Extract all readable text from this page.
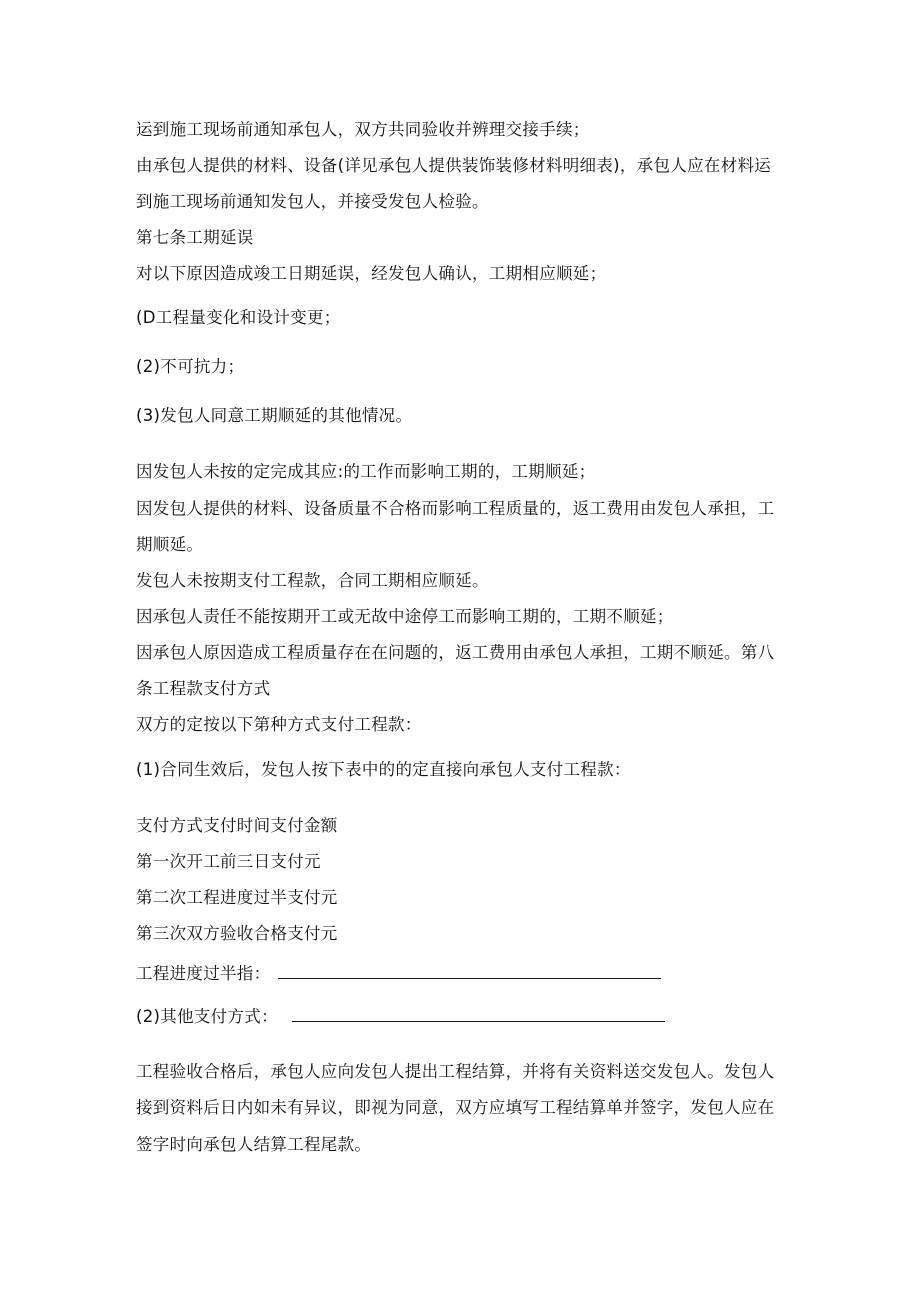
运到施工现场前通知承包人，双方共同验收并辨理交接手续；
由承包人提供的材料、设备(详见承包人提供装饰装修材料明细表)，承包人应在材料运
到施工现场前通知发包人，并接受发包人检验。
第七条工期延误
对以下原因造成竣工日期延误，经发包人确认，工期相应顺延；
(D工程量变化和设计变更；
(2)不可抗力；
(3)发包人同意工期顺延的其他情况。
因发包人未按的定完成其应:的工作而影响工期的，工期顺延；
因发包人提供的材料、设备质量不合格而影响工程质量的，返工费用由发包人承担，工
期顺延。
发包人未按期支付工程款，合同工期相应顺延。
因承包人责任不能按期开工或无故中途停工而影响工期的，工期不顺延；
因承包人原因造成工程质量存在在问题的，返工费用由承包人承担，工期不顺延。第八
条工程款支付方式
双方的定按以下第种方式支付工程款：
(1)合同生效后，发包人按下表中的的定直接向承包人支付工程款：
支付方式支付时间支付金额
第一次开工前三日支付元
第二次工程进度过半支付元
第三次双方验收合格支付元
工程进度过半指：
(2)其他支付方式：
工程验收合格后，承包人应向发包人提出工程结算，并将有关资料送交发包人。发包人
接到资料后日内如未有异议，即视为同意，双方应填写工程结算单并签字，发包人应在
签字时向承包人结算工程尾款。
